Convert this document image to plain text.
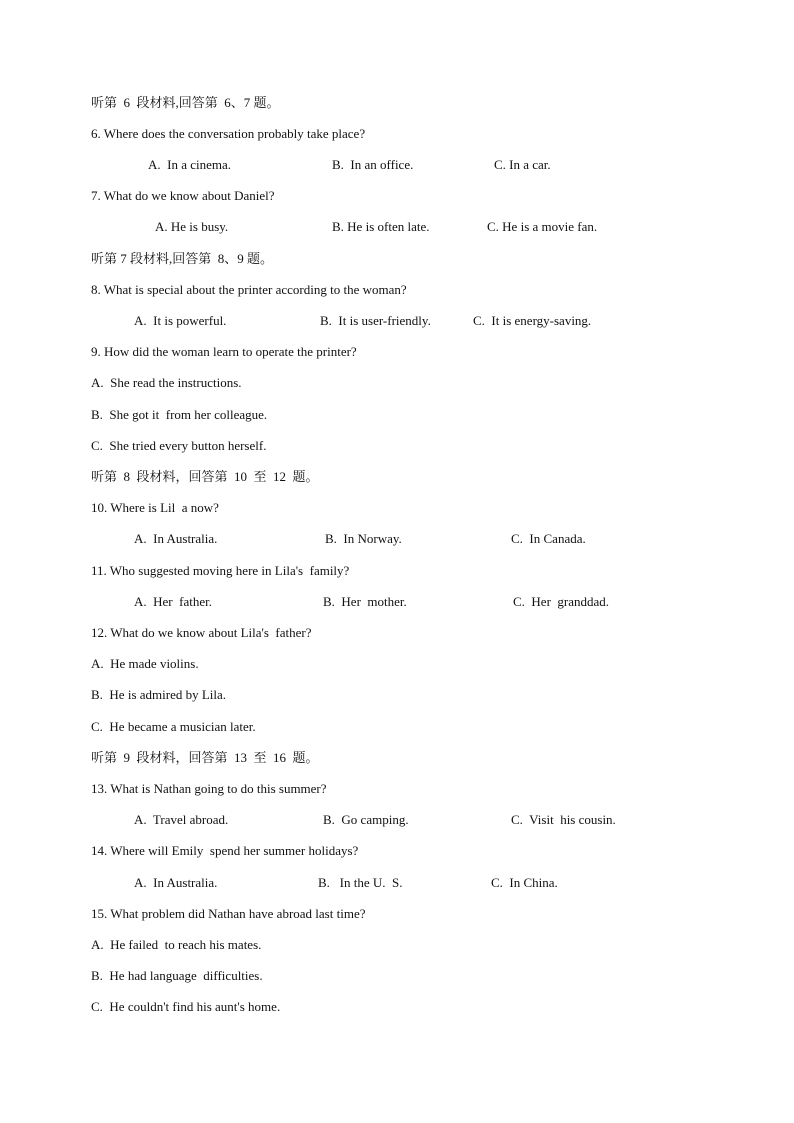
听第  6  段材料,回答第  6、7 题。
6. Where does the conversation probably take place?
A.  In a cinema.	B.  In an office.	C. In a car.
7. What do we know about Daniel?
A. He is busy.	B. He is often late.	C. He is a movie fan.
听第 7 段材料,回答第  8、9 题。
8. What is special about the printer according to the woman?
A.  It is powerful.	B.  It is user-friendly.	C.  It is energy-saving.
9. How did the woman learn to operate the printer?
A.  She read the instructions.
B.  She got it  from her colleague.
C.  She tried every button herself.
听第  8  段材料，回答第  10  至  12  题。
10. Where is Lil  a now?
A.  In Australia.	B.  In Norway.	C.  In Canada.
11. Who suggested moving here in Lila's  family?
A.  Her  father.	B.  Her  mother.	C.  Her  granddad.
12. What do we know about Lila's  father?
A.  He made violins.
B.  He is admired by Lila.
C.  He became a musician later.
听第  9  段材料，回答第  13  至  16  题。
13. What is Nathan going to do this summer?
A.  Travel abroad.	B.  Go camping.	C.  Visit  his cousin.
14. Where will Emily  spend her summer holidays?
A.  In Australia.	B.   In the U.  S.	C.  In China.
15. What problem did Nathan have abroad last time?
A.  He failed  to reach his mates.
B.  He had language  difficulties.
C.  He couldn't find his aunt's home.
